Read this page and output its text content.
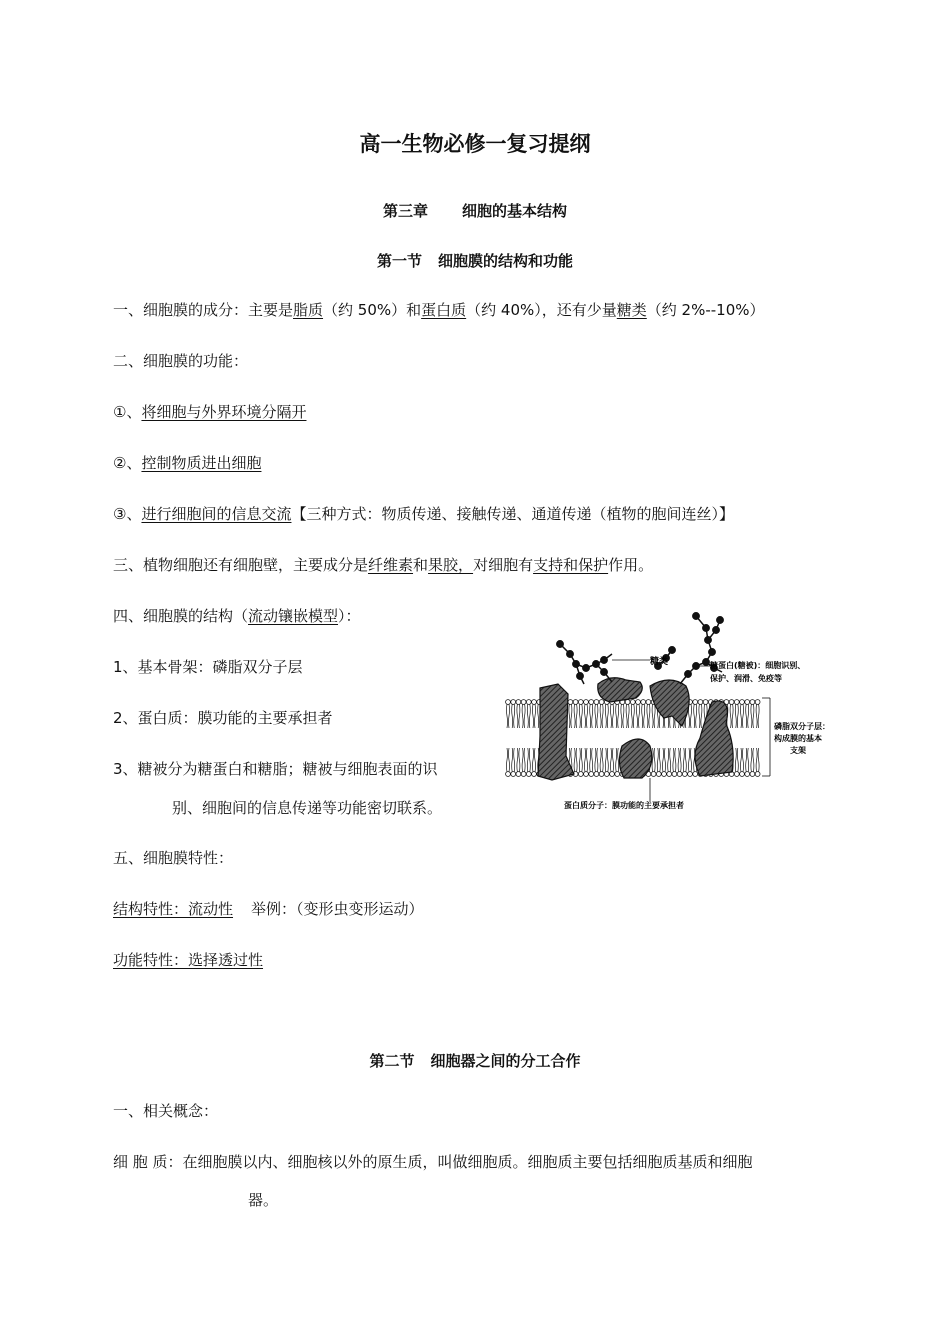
高一生物必修一复习提纲
第三章 细胞的基本结构
第一节 细胞膜的结构和功能
一、细胞膜的成分：主要是脂质（约 50%）和蛋白质（约 40%），还有少量糖类（约 2%--10%）
二、细胞膜的功能：
①、将细胞与外界环境分隔开
②、控制物质进出细胞
③、进行细胞间的信息交流【三种方式：物质传递、接触传递、通道传递（植物的胞间连丝）】
三、植物细胞还有细胞壁，主要成分是纤维素和果胶，对细胞有支持和保护作用。
四、细胞膜的结构（流动镶嵌模型）：
1、基本骨架：磷脂双分子层
2、蛋白质：膜功能的主要承担者
3、糖被分为糖蛋白和糖脂；糖被与细胞表面的识
别、细胞间的信息传递等功能密切联系。
五、细胞膜特性：
结构特性：流动性 举例：（变形虫变形运动）
功能特性：选择透过性
糖类	糖蛋白(糖被)：细胞识别、
保护、润滑、免疫等
磷脂双分子层：
构成膜的基本
支架
蛋白质分子：膜功能的主要承担者
第二节 细胞器之间的分工合作
一、相关概念：
细 胞 质：在细胞膜以内、细胞核以外的原生质，叫做细胞质。细胞质主要包括细胞质基质和细胞
器。
